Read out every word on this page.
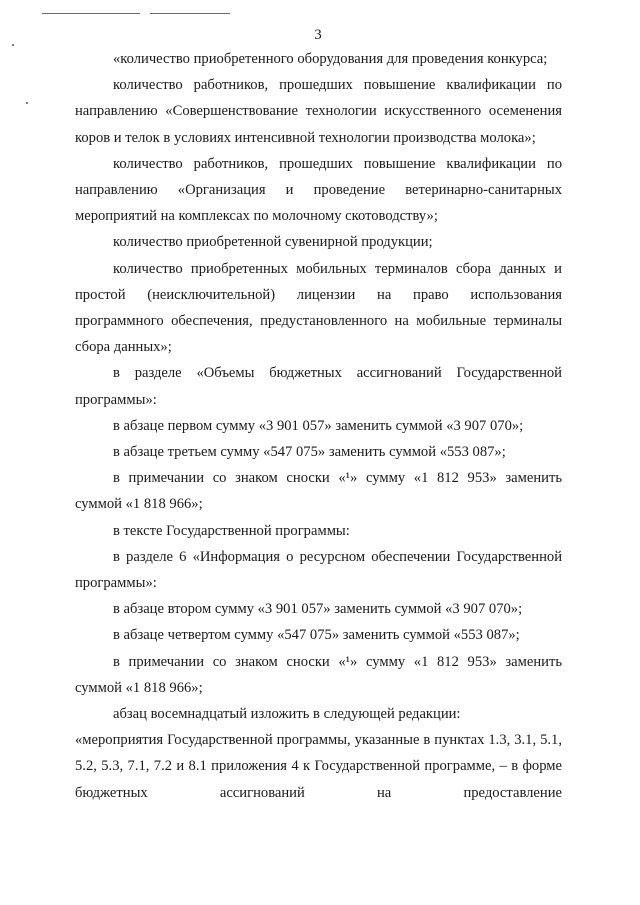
3

«количество приобретенного оборудования для проведения конкурса;

количество работников, прошедших повышение квалификации по направлению «Совершенствование технологии искусственного осеменения коров и телок в условиях интенсивной технологии производства молока»;

количество работников, прошедших повышение квалификации по направлению «Организация и проведение ветеринарно-санитарных мероприятий на комплексах по молочному скотоводству»;

количество приобретенной сувенирной продукции;

количество приобретенных мобильных терминалов сбора данных и простой (неисключительной) лицензии на право использования программного обеспечения, предустановленного на мобильные терминалы сбора данных»;

в разделе «Объемы бюджетных ассигнований Государственной программы»:

в абзаце первом сумму «3 901 057» заменить суммой «3 907 070»;

в абзаце третьем сумму «547 075» заменить суммой «553 087»;

в примечании со знаком сноски «¹» сумму «1 812 953» заменить суммой «1 818 966»;

в тексте Государственной программы:

в разделе 6 «Информация о ресурсном обеспечении Государственной программы»:

в абзаце втором сумму «3 901 057» заменить суммой «3 907 070»;

в абзаце четвертом сумму «547 075» заменить суммой «553 087»;

в примечании со знаком сноски «¹» сумму «1 812 953» заменить суммой «1 818 966»;

абзац восемнадцатый изложить в следующей редакции:

«мероприятия Государственной программы, указанные в пунктах 1.3, 3.1, 5.1, 5.2, 5.3, 7.1, 7.2 и 8.1 приложения 4 к Государственной программе, – в форме бюджетных ассигнований на предоставление
